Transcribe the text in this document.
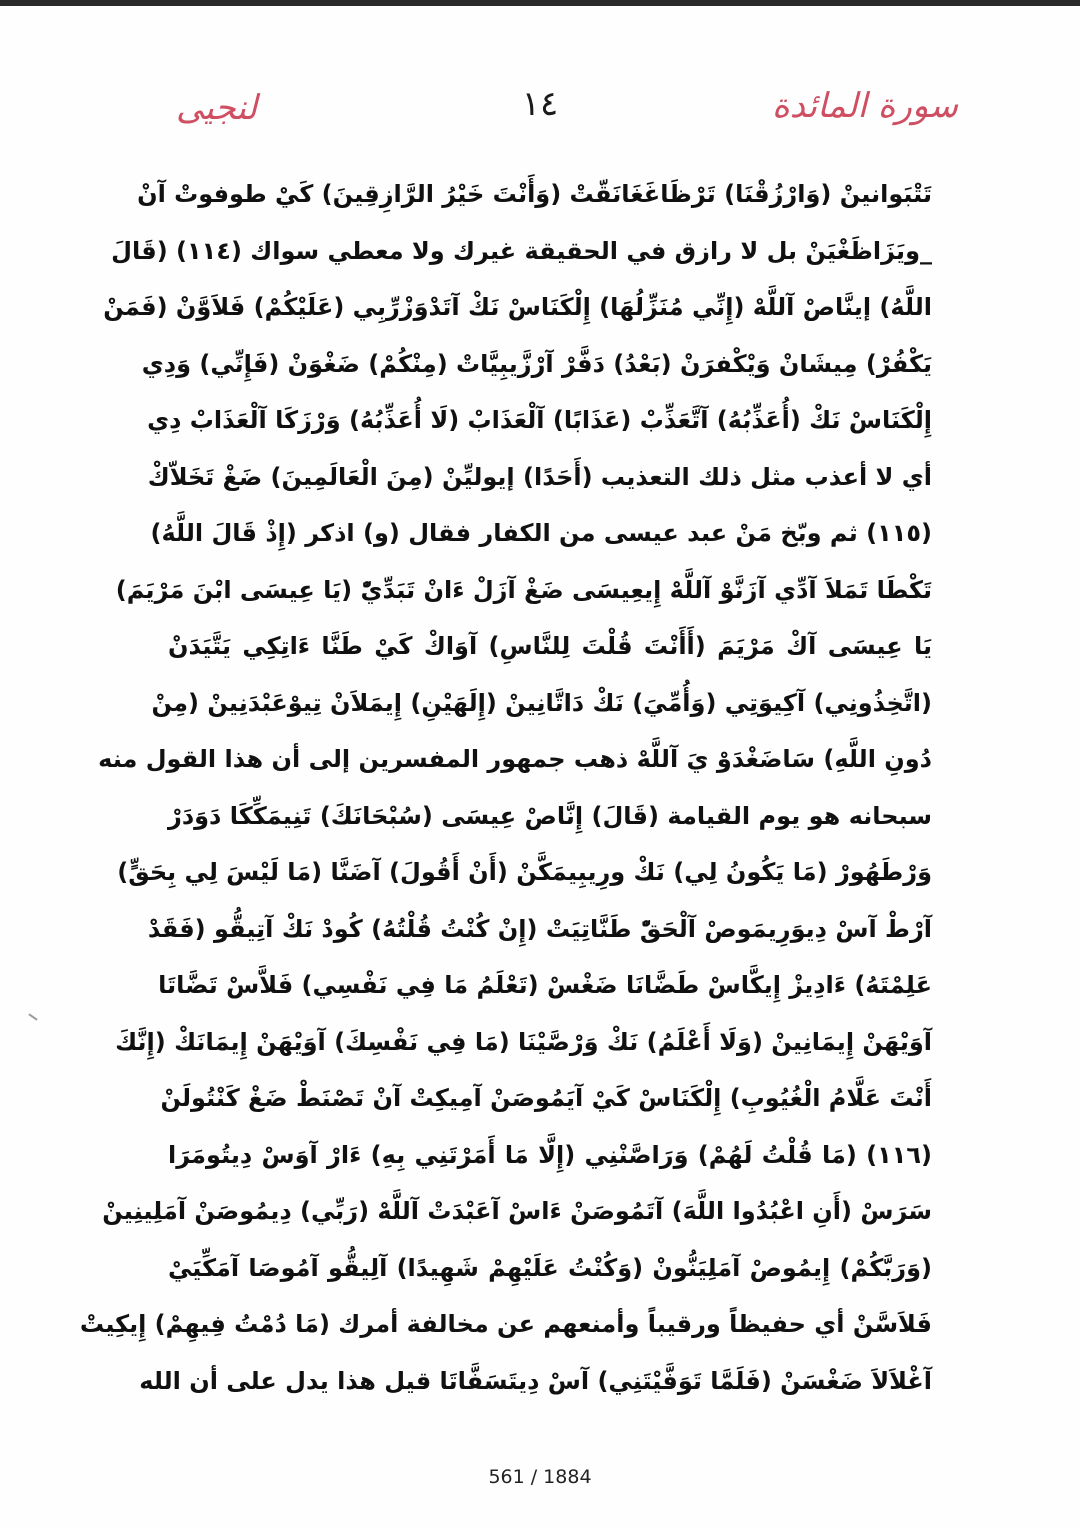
سورة المائدة
١٤
لنجيى
تَتْبَوانينْ (وَارْزُقْنَا) تَرْظَاغَغَانَقّتْ (وَأَنْتَ خَيْرُ الرَّازِقِينَ) كَيْ طوفوتْ آنْ
_ويَزَاظَغْيَنْ بل لا رازق في الحقيقة غيرك ولا معطي سواك (١١٤) (قَالَ
اللَّهُ) إينَّاصْ آللَّهْ (إِنِّي مُنَزِّلُهَا) إِلْكَنَاسْ نَكْ آتَدْوَزْرِّبِي (عَلَيْكُمْ) فَلاَوَّنْ (فَمَنْ
يَكْفُرْ) مِيشَانْ وَيْكْفرَنْ (بَعْدُ) دَفَّرْ آرْزَّيبِيَّاتْ (مِنْكُمْ) ضَغْوَنْ (فَإِنِّي) وَدِي
إِلْكَنَاسْ نَكْ (أُعَذِّبُهُ) آتَّعَذِّبْ (عَذَابًا) آلْعَذَابْ (لَا أُعَذِّبُهُ) وَرْزَكَا آلْعَذَابْ دِي
أي لا أعذب مثل ذلك التعذيب (أَحَدًا) إيوليِّنْ (مِنَ الْعَالَمِينَ) ضَغْ تَخَلاّكْ
(١١٥) ثم وبّخ مَنْ عبد عيسى من الكفار فقال (و) اذكر (إِذْ قَالَ اللَّهُ)
تَكْطَا تَمَلاَ آدِّي آزَنَّوْ آللَّهْ إِيعِيسَى ضَغْ آزَلْ ءَانْ تَبَدِّيّْ (يَا عِيسَى ابْنَ مَرْيَمَ)
يَا عِيسَى آكْ مَرْيَمَ (أَأَنْتَ قُلْتَ لِلنَّاسِ) آوَاكْ كَيْ طَنَّا ءَاتِكِي يَتَّيَدَنْ
(اتَّخِذُونِي) آكِيوَتِي (وَأُمِّيَ) نَكْ دَاتَّانِينْ (إِلَهَيْنِ) إِيمَلاَنْ تِيوْعَبْدَنِينْ (مِنْ
دُونِ اللَّهِ) سَاضَغْدَوْ يَ آللَّهْ ذهب جمهور المفسرين إلى أن هذا القول منه
سبحانه هو يوم القيامة (قَالَ) إِنَّاصْ عِيسَى (سُبْحَانَكَ) تَنِيمَكِّكَا دَوَدَرْ
وَرْطَهُورْ (مَا يَكُونُ لِي) نَكْ ورِيبِيمَكَّنْ (أَنْ أَقُولَ) آضَنَّا (مَا لَيْسَ لِي بِحَقٍّ)
آرْطْ آسْ دِيوَرِيمَوصْ آلْحَقّْ طَنَّاتِيَتْ (إِنْ كُنْتُ قُلْتُهُ) كُودْ نَكْ آتِيقُّو (فَقَدْ
عَلِمْتَهُ) ءَادِيزْ إِيكَّاسْ طَضَّانَا ضَغْسْ (تَعْلَمُ مَا فِي نَفْسِي) فَلاَّسْ تَضَّاتَا
آوَيْهَنْ إِيمَانِينْ (وَلَا أَعْلَمُ) نَكْ وَرْصَّيْنَا (مَا فِي نَفْسِكَ) آوَيْهَنْ إِيمَانَكْ (إِنَّكَ
أَنْتَ عَلَّامُ الْغُيُوبِ) إِلْكَنَاسْ كَيْ آيَمُوصَنْ آمِيكِتْ آنْ تَصْنَطْ ضَغْ كَنْتُولَنْ
(١١٦) (مَا قُلْتُ لَهُمْ) وَرَاصَّنْنِي (إِلَّا مَا أَمَرْتَنِي بِهِ) ءَارْ آوَسْ دِيتُومَرَا
سَرَسْ (أَنِ اعْبُدُوا اللَّهَ) آتَمُوصَنْ ءَاسْ آعَبْدَتْ آللَّهْ (رَبِّي) دِيمُوصَنْ آمَلِينِينْ
(وَرَبَّكُمْ) إِيمُوصْ آمَلِيَنُّونْ (وَكُنْتُ عَلَيْهِمْ شَهِيدًا) آلِيقُّو آمُوصَا آمَكِّيَيْ
فَلاَسَّنْ أي حفيظاً ورقيباً وأمنعهم عن مخالفة أمرك (مَا دُمْتُ فِيهِمْ) إِيكِيتْ
آغْلاَلاَ ضَغْسَنْ (فَلَمَّا تَوَفَّيْتَنِي) آسْ دِيتَسَفَّاتَا قيل هذا يدل على أن الله
561 / 1884
